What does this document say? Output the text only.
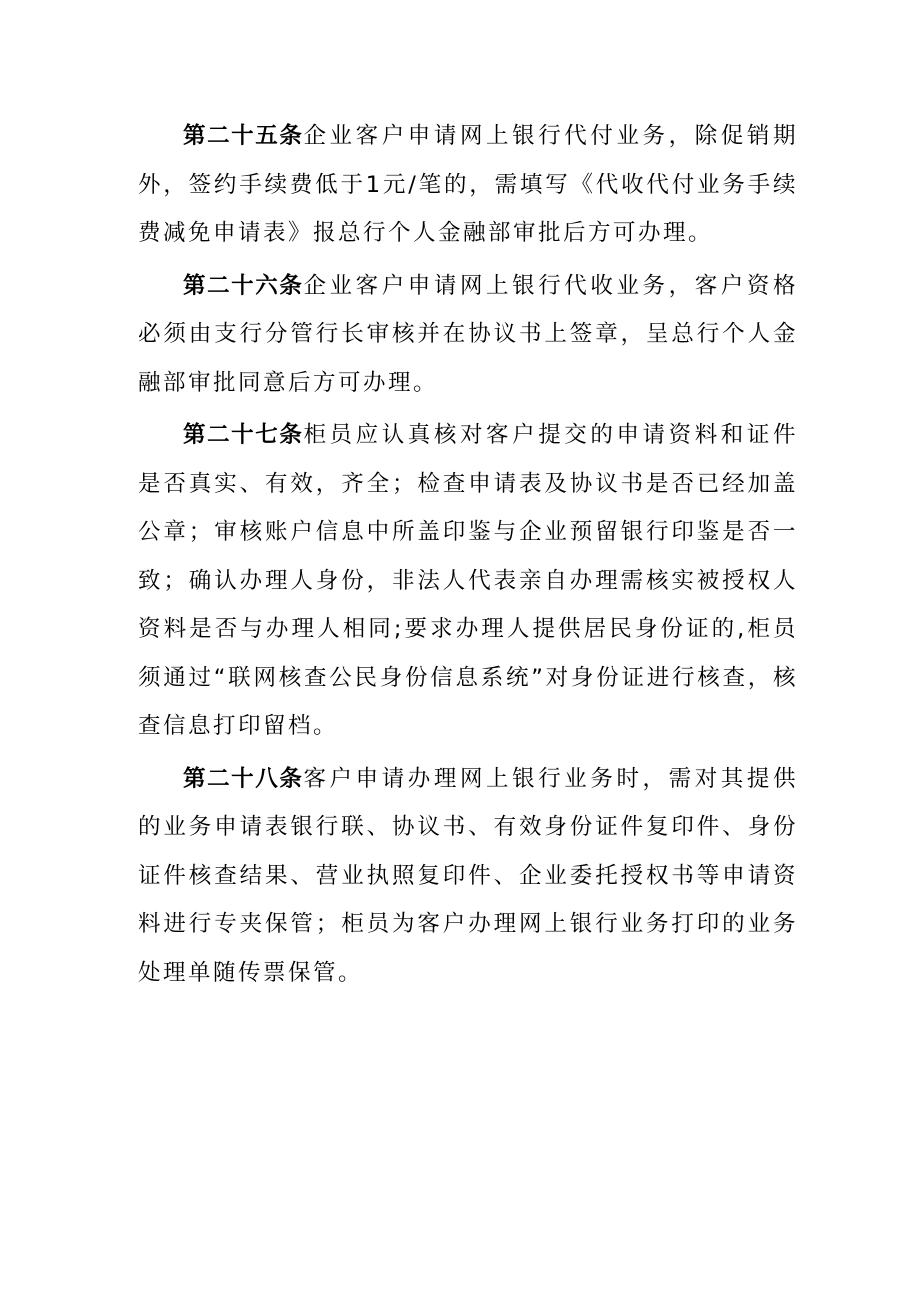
第二十五条企业客户申请网上银行代付业务，除促销期外，签约手续费低于1元/笔的，需填写《代收代付业务手续费减免申请表》报总行个人金融部审批后方可办理。

第二十六条企业客户申请网上银行代收业务，客户资格必须由支行分管行长审核并在协议书上签章，呈总行个人金融部审批同意后方可办理。

第二十七条柜员应认真核对客户提交的申请资料和证件是否真实、有效，齐全；检查申请表及协议书是否已经加盖公章；审核账户信息中所盖印鉴与企业预留银行印鉴是否一致；确认办理人身份，非法人代表亲自办理需核实被授权人资料是否与办理人相同;要求办理人提供居民身份证的,柜员须通过“联网核查公民身份信息系统”对身份证进行核查，核查信息打印留档。

第二十八条客户申请办理网上银行业务时，需对其提供的业务申请表银行联、协议书、有效身份证件复印件、身份证件核查结果、营业执照复印件、企业委托授权书等申请资料进行专夹保管；柜员为客户办理网上银行业务打印的业务处理单随传票保管。
